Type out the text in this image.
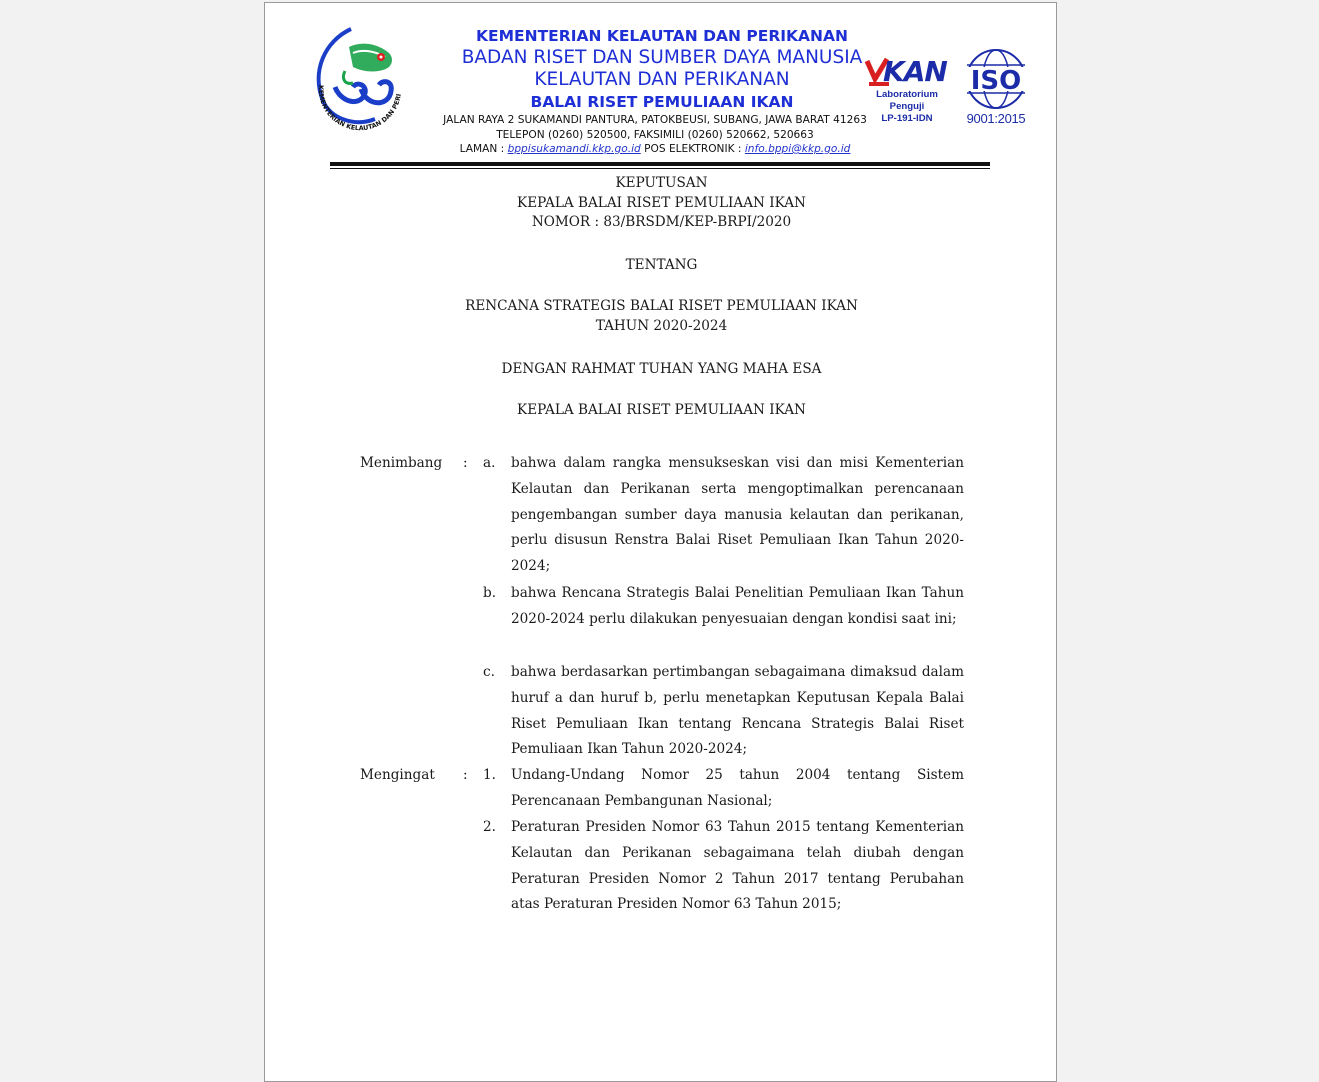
KEMENTERIAN KELAUTAN DAN PERI
KEMENTERIAN KELAUTAN DAN PERIKANAN
BADAN RISET DAN SUMBER DAYA MANUSIA
KELAUTAN DAN PERIKANAN
BALAI RISET PEMULIAAN IKAN
JALAN RAYA 2 SUKAMANDI PANTURA, PATOKBEUSI, SUBANG, JAWA BARAT 41263
TELEPON (0260) 520500, FAKSIMILI (0260) 520662, 520663
LAMAN : bppisukamandi.kkp.go.id POS ELEKTRONIK : info.bppi@kkp.go.id
KAN
Laboratorium Penguji
LP-191-IDN
ISO
9001:2015
KEPUTUSAN
KEPALA BALAI RISET PEMULIAAN IKAN
NOMOR : 83/BRSDM/KEP-BRPI/2020
TENTANG
RENCANA STRATEGIS BALAI RISET PEMULIAAN IKAN
TAHUN 2020-2024
DENGAN RAHMAT TUHAN YANG MAHA ESA
KEPALA BALAI RISET PEMULIAAN IKAN
Menimbang : a. bahwa dalam rangka mensukseskan visi dan misi Kementerian Kelautan dan Perikanan serta mengoptimalkan perencanaan pengembangan sumber daya manusia kelautan dan perikanan, perlu disusun Renstra Balai Riset Pemuliaan Ikan Tahun 2020-2024;
b. bahwa Rencana Strategis Balai Penelitian Pemuliaan Ikan Tahun 2020-2024 perlu dilakukan penyesuaian dengan kondisi saat ini;
c. bahwa berdasarkan pertimbangan sebagaimana dimaksud dalam huruf a dan huruf b, perlu menetapkan Keputusan Kepala Balai Riset Pemuliaan Ikan tentang Rencana Strategis Balai Riset Pemuliaan Ikan Tahun 2020-2024;
Mengingat : 1. Undang-Undang Nomor 25 tahun 2004 tentang Sistem Perencanaan Pembangunan Nasional;
2. Peraturan Presiden Nomor 63 Tahun 2015 tentang Kementerian Kelautan dan Perikanan sebagaimana telah diubah dengan Peraturan Presiden Nomor 2 Tahun 2017 tentang Perubahan atas Peraturan Presiden Nomor 63 Tahun 2015;
